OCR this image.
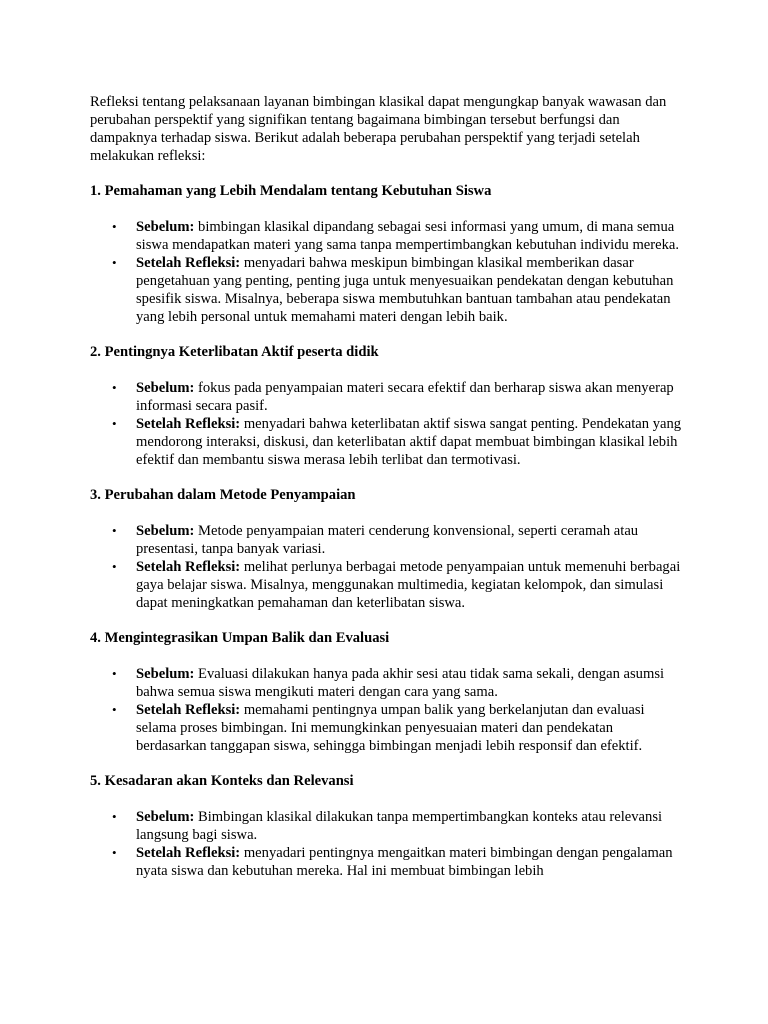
Refleksi tentang pelaksanaan layanan bimbingan klasikal dapat mengungkap banyak wawasan dan perubahan perspektif yang signifikan tentang bagaimana bimbingan tersebut berfungsi dan dampaknya terhadap siswa. Berikut adalah beberapa perubahan perspektif yang terjadi setelah melakukan refleksi:

1. Pemahaman yang Lebih Mendalam tentang Kebutuhan Siswa

• Sebelum: bimbingan klasikal dipandang sebagai sesi informasi yang umum, di mana semua siswa mendapatkan materi yang sama tanpa mempertimbangkan kebutuhan individu mereka.
• Setelah Refleksi: menyadari bahwa meskipun bimbingan klasikal memberikan dasar pengetahuan yang penting, penting juga untuk menyesuaikan pendekatan dengan kebutuhan spesifik siswa. Misalnya, beberapa siswa membutuhkan bantuan tambahan atau pendekatan yang lebih personal untuk memahami materi dengan lebih baik.

2. Pentingnya Keterlibatan Aktif peserta didik

• Sebelum: fokus pada penyampaian materi secara efektif dan berharap siswa akan menyerap informasi secara pasif.
• Setelah Refleksi: menyadari bahwa keterlibatan aktif siswa sangat penting. Pendekatan yang mendorong interaksi, diskusi, dan keterlibatan aktif dapat membuat bimbingan klasikal lebih efektif dan membantu siswa merasa lebih terlibat dan termotivasi.

3. Perubahan dalam Metode Penyampaian

• Sebelum: Metode penyampaian materi cenderung konvensional, seperti ceramah atau presentasi, tanpa banyak variasi.
• Setelah Refleksi: melihat perlunya berbagai metode penyampaian untuk memenuhi berbagai gaya belajar siswa. Misalnya, menggunakan multimedia, kegiatan kelompok, dan simulasi dapat meningkatkan pemahaman dan keterlibatan siswa.

4. Mengintegrasikan Umpan Balik dan Evaluasi

• Sebelum: Evaluasi dilakukan hanya pada akhir sesi atau tidak sama sekali, dengan asumsi bahwa semua siswa mengikuti materi dengan cara yang sama.
• Setelah Refleksi: memahami pentingnya umpan balik yang berkelanjutan dan evaluasi selama proses bimbingan. Ini memungkinkan penyesuaian materi dan pendekatan berdasarkan tanggapan siswa, sehingga bimbingan menjadi lebih responsif dan efektif.

5. Kesadaran akan Konteks dan Relevansi

• Sebelum: Bimbingan klasikal dilakukan tanpa mempertimbangkan konteks atau relevansi langsung bagi siswa.
• Setelah Refleksi: menyadari pentingnya mengaitkan materi bimbingan dengan pengalaman nyata siswa dan kebutuhan mereka. Hal ini membuat bimbingan lebih
